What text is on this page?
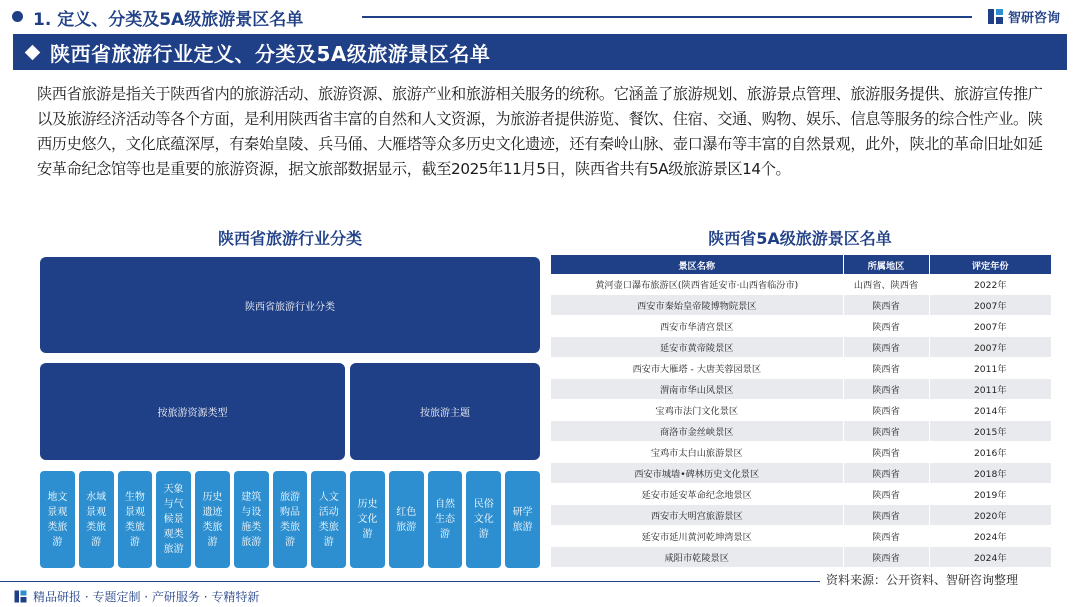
1. 定义、分类及5A级旅游景区名单	智研咨询
陕西省旅游行业定义、分类及5A级旅游景区名单
陕西省旅游是指关于陕西省内的旅游活动、旅游资源、旅游产业和旅游相关服务的统称。它涵盖了旅游规划、旅游景点管理、旅游服务提供、旅游宣传推广以及旅游经济活动等各个方面，是利用陕西省丰富的自然和人文资源，为旅游者提供游览、餐饮、住宿、交通、购物、娱乐、信息等服务的综合性产业。陕西历史悠久，文化底蕴深厚，有秦始皇陵、兵马俑、大雁塔等众多历史文化遗迹，还有秦岭山脉、壶口瀑布等丰富的自然景观，此外，陕北的革命旧址如延安革命纪念馆等也是重要的旅游资源，据文旅部数据显示，截至2025年11月5日，陕西省共有5A级旅游景区14个。
陕西省旅游行业分类	陕西省5A级旅游景区名单
陕西省旅游行业分类
按旅游资源类型	按旅游主题
地文景观类旅游
水域景观类旅游
生物景观类旅游
天象与气候景观类旅游
历史遗迹类旅游
建筑与设施类旅游
旅游购品类旅游
人文活动类旅游
历史文化游
红色旅游
自然生态游
民俗文化游
研学旅游
景区名称	所属地区	评定年份
黄河壶口瀑布旅游区(陕西省延安市·山西省临汾市)	山西省、陕西省	2022年
西安市秦始皇帝陵博物院景区	陕西省	2007年
西安市华清宫景区	陕西省	2007年
延安市黄帝陵景区	陕西省	2007年
西安市大雁塔 - 大唐芙蓉园景区	陕西省	2011年
渭南市华山风景区	陕西省	2011年
宝鸡市法门文化景区	陕西省	2014年
商洛市金丝峡景区	陕西省	2015年
宝鸡市太白山旅游景区	陕西省	2016年
西安市城墙•碑林历史文化景区	陕西省	2018年
延安市延安革命纪念地景区	陕西省	2019年
西安市大明宫旅游景区	陕西省	2020年
延安市延川黄河乾坤湾景区	陕西省	2024年
咸阳市乾陵景区	陕西省	2024年
资料来源：公开资料、智研咨询整理
精品研报 · 专题定制 · 产研服务 · 专精特新
